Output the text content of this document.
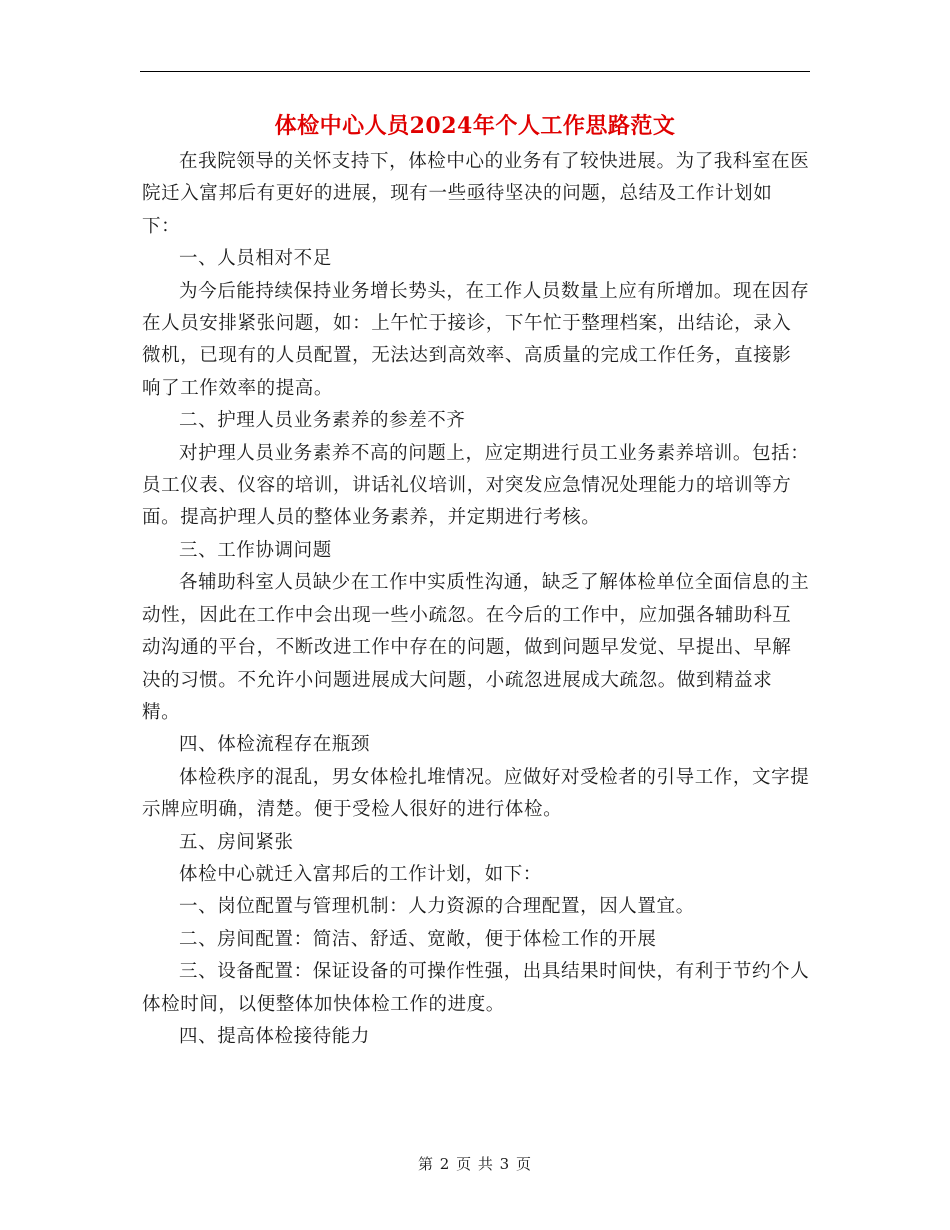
体检中心人员2024年个人工作思路范文

在我院领导的关怀支持下，体检中心的业务有了较快进展。为了我科室在医院迁入富邦后有更好的进展，现有一些亟待坚决的问题，总结及工作计划如下：

一、人员相对不足

为今后能持续保持业务增长势头，在工作人员数量上应有所增加。现在因存在人员安排紧张问题，如：上午忙于接诊，下午忙于整理档案，出结论，录入微机，已现有的人员配置，无法达到高效率、高质量的完成工作任务，直接影响了工作效率的提高。

二、护理人员业务素养的参差不齐

对护理人员业务素养不高的问题上，应定期进行员工业务素养培训。包括：员工仪表、仪容的培训，讲话礼仪培训，对突发应急情况处理能力的培训等方面。提高护理人员的整体业务素养，并定期进行考核。

三、工作协调问题

各辅助科室人员缺少在工作中实质性沟通，缺乏了解体检单位全面信息的主动性，因此在工作中会出现一些小疏忽。在今后的工作中，应加强各辅助科互动沟通的平台，不断改进工作中存在的问题，做到问题早发觉、早提出、早解决的习惯。不允许小问题进展成大问题，小疏忽进展成大疏忽。做到精益求精。

四、体检流程存在瓶颈

体检秩序的混乱，男女体检扎堆情况。应做好对受检者的引导工作，文字提示牌应明确，清楚。便于受检人很好的进行体检。

五、房间紧张

体检中心就迁入富邦后的工作计划，如下：

一、岗位配置与管理机制：人力资源的合理配置，因人置宜。

二、房间配置：简洁、舒适、宽敞，便于体检工作的开展

三、设备配置：保证设备的可操作性强，出具结果时间快，有利于节约个人体检时间，以便整体加快体检工作的进度。

四、提高体检接待能力

第 2 页 共 3 页
